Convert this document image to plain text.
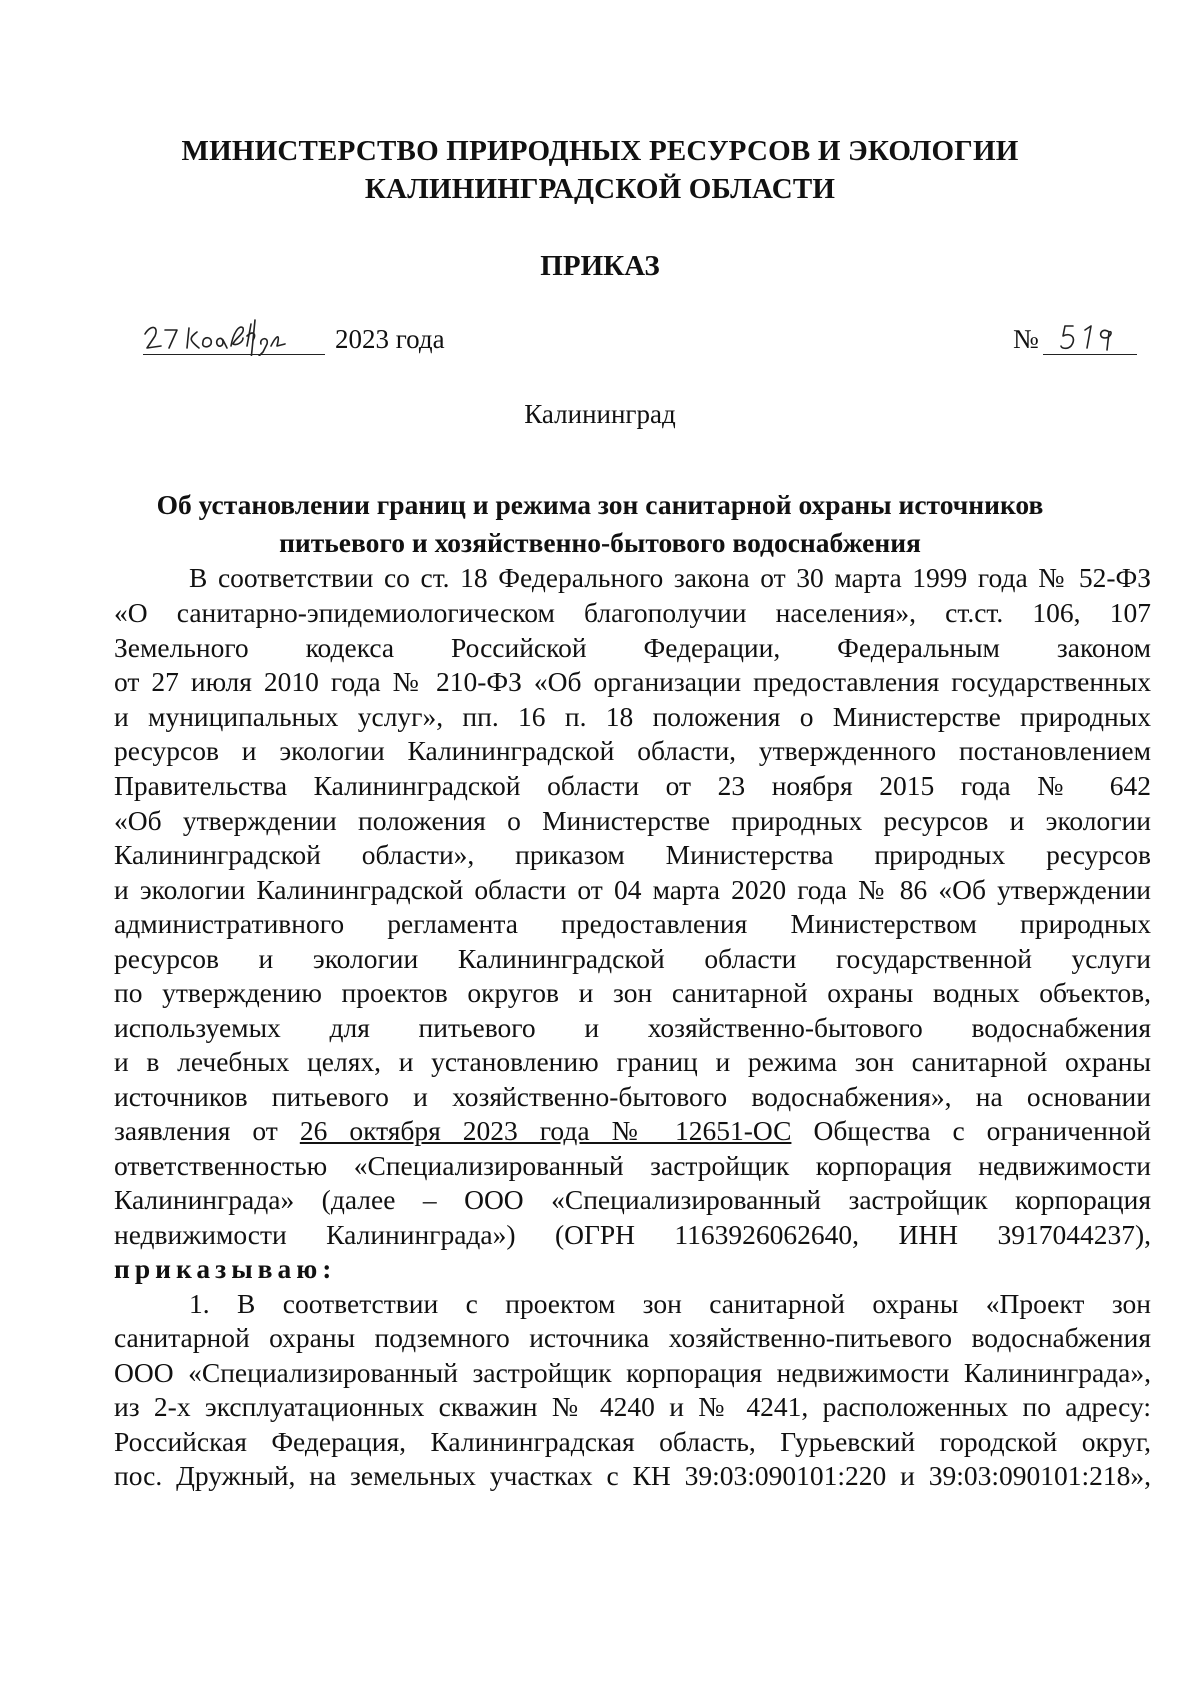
МИНИСТЕРСТВО ПРИРОДНЫХ РЕСУРСОВ И ЭКОЛОГИИ
КАЛИНИНГРАДСКОЙ ОБЛАСТИ
ПРИКАЗ
2023 года	№
Калининград
Об установлении границ и режима зон санитарной охраны источников
питьевого и хозяйственно-бытового водоснабжения
В соответствии со ст. 18 Федерального закона от 30 марта 1999 года № 52-ФЗ
«О санитарно-эпидемиологическом благополучии населения», ст.ст. 106, 107
Земельного кодекса Российской Федерации, Федеральным законом
от 27 июля 2010 года № 210-ФЗ «Об организации предоставления государственных
и муниципальных услуг», пп. 16 п. 18 положения о Министерстве природных
ресурсов и экологии Калининградской области, утвержденного постановлением
Правительства Калининградской области от 23 ноября 2015 года № 642
«Об утверждении положения о Министерстве природных ресурсов и экологии
Калининградской области», приказом Министерства природных ресурсов
и экологии Калининградской области от 04 марта 2020 года № 86 «Об утверждении
административного регламента предоставления Министерством природных
ресурсов и экологии Калининградской области государственной услуги
по утверждению проектов округов и зон санитарной охраны водных объектов,
используемых для питьевого и хозяйственно-бытового водоснабжения
и в лечебных целях, и установлению границ и режима зон санитарной охраны
источников питьевого и хозяйственно-бытового водоснабжения», на основании
заявления от 26 октября 2023 года № 12651-ОС Общества с ограниченной
ответственностью «Специализированный застройщик корпорация недвижимости
Калининграда» (далее – ООО «Специализированный застройщик корпорация
недвижимости Калининграда») (ОГРН 1163926062640, ИНН 3917044237),
приказываю:
1. В соответствии с проектом зон санитарной охраны «Проект зон
санитарной охраны подземного источника хозяйственно-питьевого водоснабжения
ООО «Специализированный застройщик корпорация недвижимости Калининграда»,
из 2-х эксплуатационных скважин № 4240 и № 4241, расположенных по адресу:
Российская Федерация, Калининградская область, Гурьевский городской округ,
пос. Дружный, на земельных участках с КН 39:03:090101:220 и 39:03:090101:218»,
